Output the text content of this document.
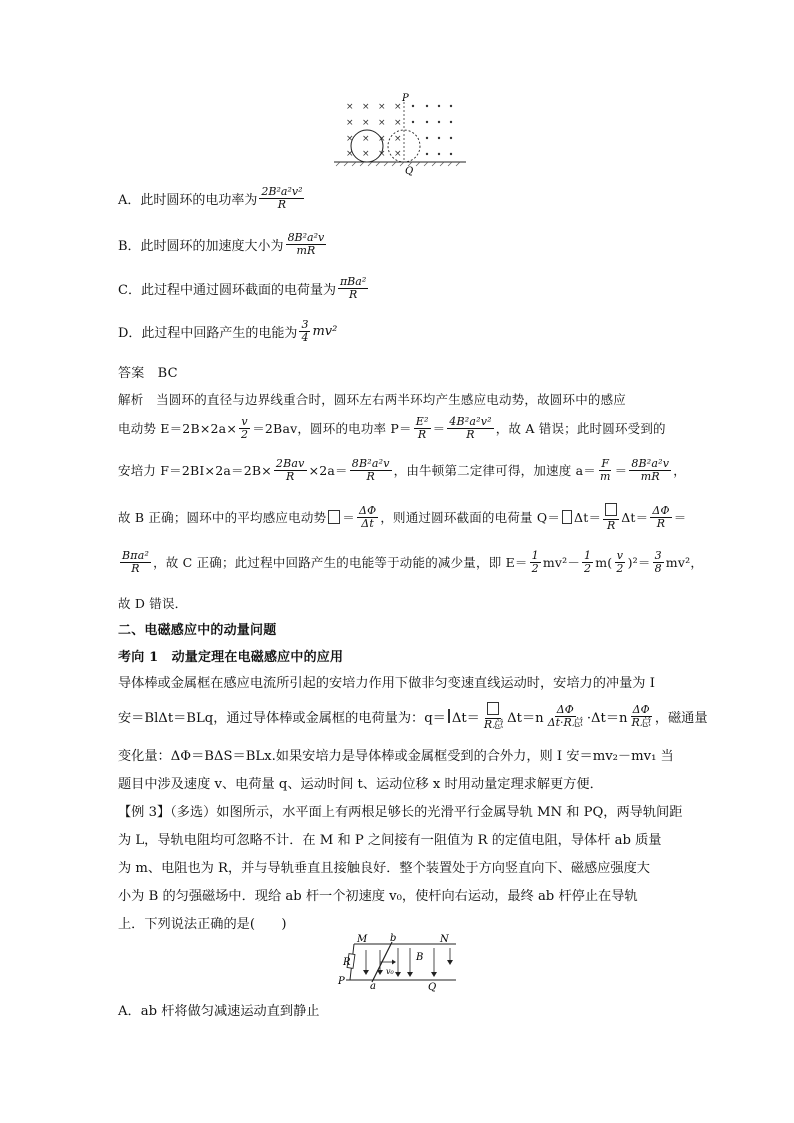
× × × ×
× × × ×
× × × ×
× × × ×
P
Q
A．此时圆环的电功率为 $\frac{\text{2B²a²v²}}{R}$
B．此时圆环的加速度大小为 $\frac{\text{8B²a²v}}{mR}$
C．此过程中通过圆环截面的电荷量为 $\frac{\text{πBa²}}{R}$
D．此过程中回路产生的电能为 $\frac{3}{4} mv^2$
答案　BC
解析　当圆环的直径与边界线重合时，圆环左右两半环均产生感应电动势，故圆环中的感应
电动势 $E=2B\times 2a\times \frac{v}{2} =2Bav$，圆环的电功率 $P= \frac{\text{E²}}{R} = \frac{\text{4B²a²v²}}{R}$ ，故 A 错误；此时圆环受到的
安培力 $F=2BI\times 2a=2B\times \frac{\text{2Bav}}{R} \times 2a= \frac{\text{8B²a²v}}{R}$ ，由牛顿第二定律可得，加速度 $a= \frac{F}{m} = \frac{\text{8B²a²v}}{mR}$ ，
故 B 正确；圆环中的平均感应电动势 ＝ $\frac{\Delta\Phi}{\Delta t}$ ，则通过圆环截面的电荷量 Q＝ Δt＝ R $\Delta t= \frac{\Delta\Phi}{R}$ ＝
$\frac{\text{Bπa²}}{R}$ ，故 C 正确；此过程中回路产生的电能等于动能的减少量，即 $E= \frac{1}{2} mv^2- \frac{1}{2} m( \frac{v}{2} )^2= \frac{3}{8} mv^2$，
故 D 错误．
二、电磁感应中的动量问题
考向 1　动量定理在电磁感应中的应用
导体棒或金属框在感应电流所引起的安培力作用下做非匀变速直线运动时，安培力的冲量为 I
安＝B lΔt＝BLq，通过导体棒或金属框的电荷量为：q＝ Δt＝ R总 $\Delta t=n \frac{\Delta\Phi}{\text{Δt·R总}} \cdot\Delta t=n \frac{\Delta\Phi}{\text{R总}}$ ，磁通量
变化量：ΔΦ＝BΔS＝BLx.如果安培力是导体棒或金属框受到的合外力，则 I 安＝mv₂－mv₁ 当
题目中涉及速度 v、电荷量 q、运动时间 t、运动位移 x 时用动量定理求解更方便．
【例 3】（多选）如图所示，水平面上有两根足够长的光滑平行金属导轨 MN 和 PQ，两导轨间距
为 L，导轨电阻均可忽略不计．在 M 和 P 之间接有一阻值为 R 的定值电阻，导体杆 ab 质量
为 m、电阻也为 R，并与导轨垂直且接触良好．整个装置处于方向竖直向下、磁感应强度大
小为 B 的匀强磁场中．现给 ab 杆一个初速度 v₀，使杆向右运动，最终 ab 杆停止在导轨
上．下列说法正确的是(　　)
M b	N
R	B
v₀
P	a	Q
A．ab 杆将做匀减速运动直到静止
